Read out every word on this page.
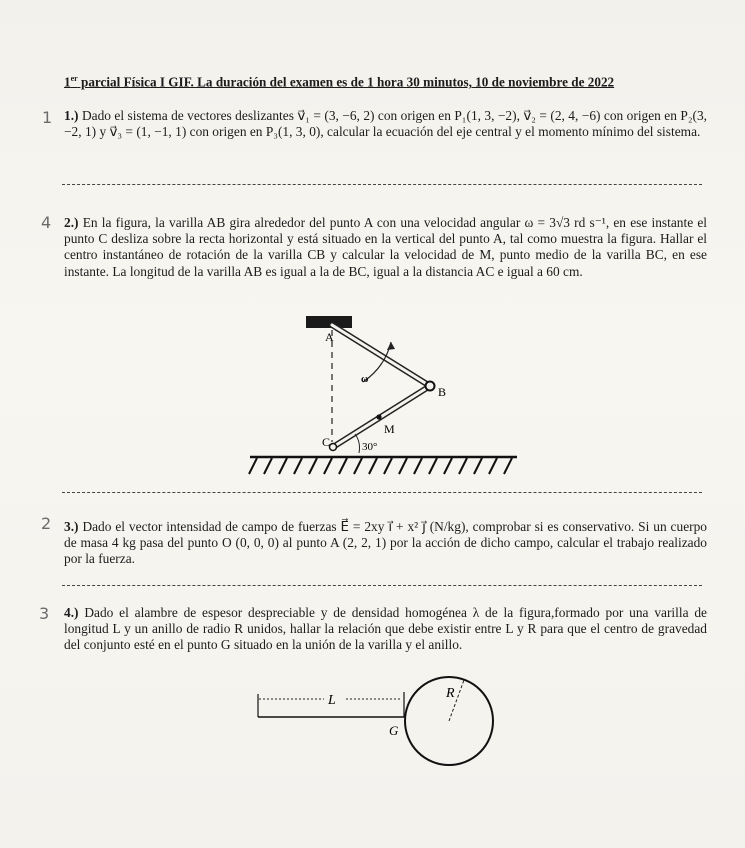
1er parcial Física I GIF. La duración del examen es de 1 hora 30 minutos, 10 de noviembre de 2022
1
4
2
3
1.) Dado el sistema de vectores deslizantes v⃗₁ = (3, −6, 2) con origen en P₁(1, 3, −2), v⃗₂ = (2, 4, −6) con origen en P₂(3, −2, 1) y v⃗₃ = (1, −1, 1) con origen en P₃(1, 3, 0), calcular la ecuación del eje central y el momento mínimo del sistema.
2.) En la figura, la varilla AB gira alrededor del punto A con una velocidad angular ω = 3√3 rd s⁻¹, en ese instante el punto C desliza sobre la recta horizontal y está situado en la vertical del punto A, tal como muestra la figura. Hallar el centro instantáneo de rotación de la varilla CB y calcular la velocidad de M, punto medio de la varilla BC, en ese instante. La longitud de la varilla AB es igual a la de BC, igual a la distancia AC e igual a 60 cm.
A
B
C
M
ω
30°
3.) Dado el vector intensidad de campo de fuerzas E⃗ = 2xy i⃗ + x² j⃗ (N/kg), comprobar si es conservativo. Si un cuerpo de masa 4 kg pasa del punto O (0, 0, 0) al punto A (2, 2, 1) por la acción de dicho campo, calcular el trabajo realizado por la fuerza.
4.) Dado el alambre de espesor despreciable y de densidad homogénea λ de la figura,formado por una varilla de longitud L y un anillo de radio R unidos, hallar la relación que debe existir entre L y R para que el centro de gravedad del conjunto esté en el punto G situado en la unión de la varilla y el anillo.
L	R
G
